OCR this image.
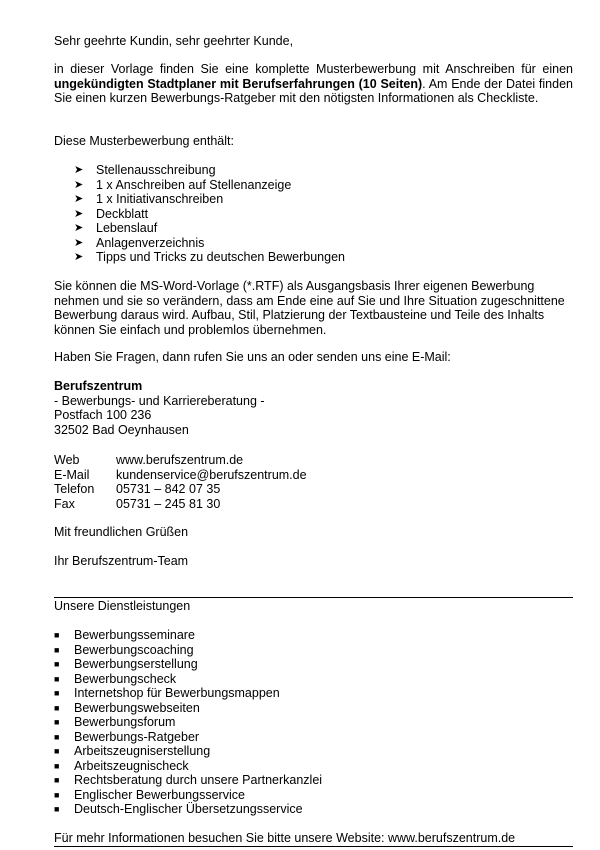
Sehr geehrte Kundin, sehr geehrter Kunde,

in dieser Vorlage finden Sie eine komplette Musterbewerbung mit Anschreiben für einen ungekündigten Stadtplaner mit Berufserfahrungen (10 Seiten). Am Ende der Datei finden Sie einen kurzen Bewerbungs-Ratgeber mit den nötigsten Informationen als Checkliste.

Diese Musterbewerbung enthält:

➤ Stellenausschreibung
➤ 1 x Anschreiben auf Stellenanzeige
➤ 1 x Initiativanschreiben
➤ Deckblatt
➤ Lebenslauf
➤ Anlagenverzeichnis
➤ Tipps und Tricks zu deutschen Bewerbungen

Sie können die MS-Word-Vorlage (*.RTF) als Ausgangsbasis Ihrer eigenen Bewerbung nehmen und sie so verändern, dass am Ende eine auf Sie und Ihre Situation zugeschnittene Bewerbung daraus wird. Aufbau, Stil, Platzierung der Textbausteine und Teile des Inhalts können Sie einfach und problemlos übernehmen.

Haben Sie Fragen, dann rufen Sie uns an oder senden uns eine E-Mail:

Berufszentrum
- Bewerbungs- und Karriereberatung -
Postfach 100 236
32502 Bad Oeynhausen
Web	www.berufszentrum.de
E-Mail	kundenservice@berufszentrum.de
Telefon	05731 – 842 07 35
Fax	05731 – 245 81 30

Mit freundlichen Grüßen

Ihr Berufszentrum-Team

Unsere Dienstleistungen

■ Bewerbungsseminare
■ Bewerbungscoaching
■ Bewerbungserstellung
■ Bewerbungscheck
■ Internetshop für Bewerbungsmappen
■ Bewerbungswebseiten
■ Bewerbungsforum
■ Bewerbungs-Ratgeber
■ Arbeitszeugniserstellung
■ Arbeitszeugnischeck
■ Rechtsberatung durch unsere Partnerkanzlei
■ Englischer Bewerbungsservice
■ Deutsch-Englischer Übersetzungsservice

Für mehr Informationen besuchen Sie bitte unsere Website: www.berufszentrum.de
